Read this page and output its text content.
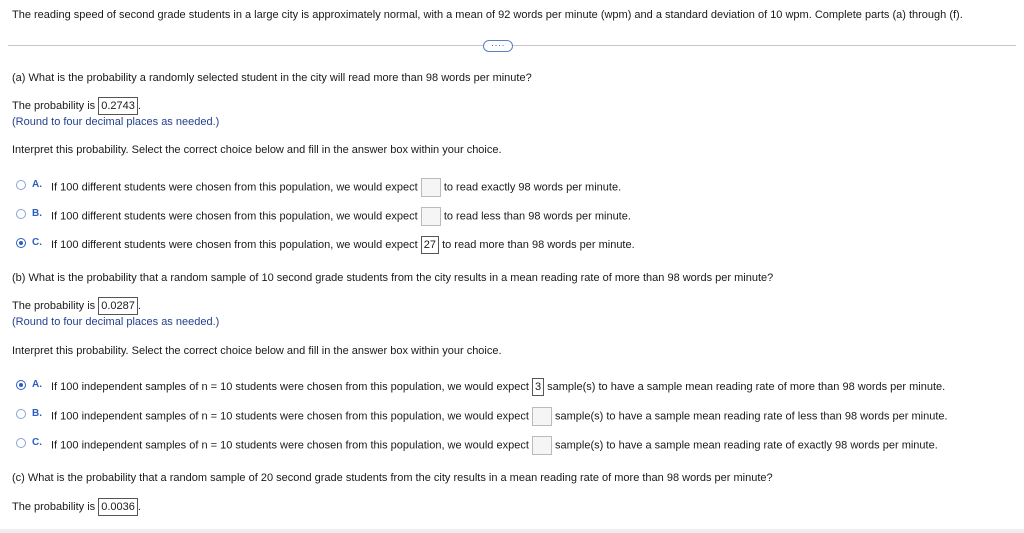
The reading speed of second grade students in a large city is approximately normal, with a mean of 92 words per minute (wpm) and a standard deviation of 10 wpm. Complete parts (a) through (f).
····
(a) What is the probability a randomly selected student in the city will read more than 98 words per minute?
The probability is 0.2743 .
(Round to four decimal places as needed.)
Interpret this probability. Select the correct choice below and fill in the answer box within your choice.
A. If 100 different students were chosen from this population, we would expect to read exactly 98 words per minute.
B. If 100 different students were chosen from this population, we would expect to read less than 98 words per minute.
C. If 100 different students were chosen from this population, we would expect 27 to read more than 98 words per minute.
(b) What is the probability that a random sample of 10 second grade students from the city results in a mean reading rate of more than 98 words per minute?
The probability is 0.0287 .
(Round to four decimal places as needed.)
Interpret this probability. Select the correct choice below and fill in the answer box within your choice.
A. If 100 independent samples of n = 10 students were chosen from this population, we would expect 3 sample(s) to have a sample mean reading rate of more than 98 words per minute.
B. If 100 independent samples of n = 10 students were chosen from this population, we would expect sample(s) to have a sample mean reading rate of less than 98 words per minute.
C. If 100 independent samples of n = 10 students were chosen from this population, we would expect sample(s) to have a sample mean reading rate of exactly 98 words per minute.
(c) What is the probability that a random sample of 20 second grade students from the city results in a mean reading rate of more than 98 words per minute?
The probability is 0.0036 .
